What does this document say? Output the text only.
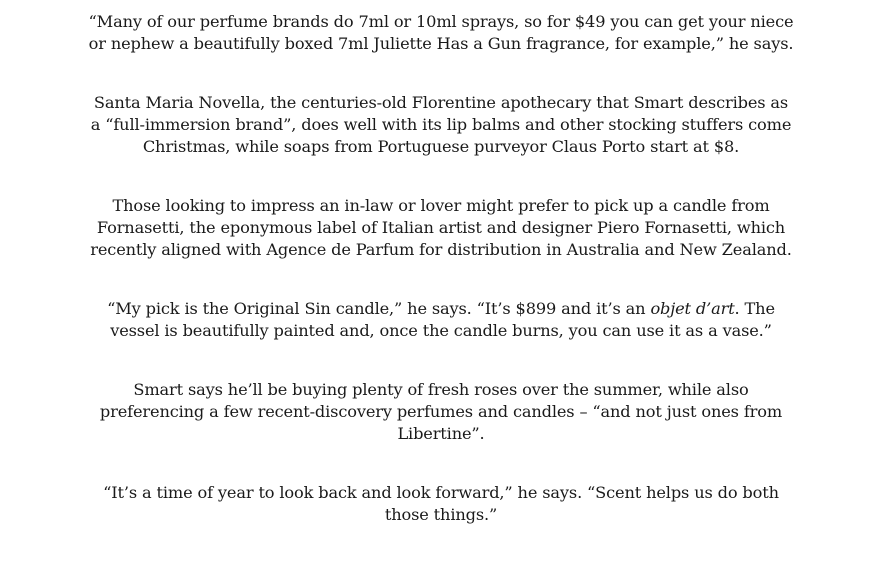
“Many of our perfume brands do 7ml or 10ml sprays, so for $49 you can get your niece or nephew a beautifully boxed 7ml Juliette Has a Gun fragrance, for example,” he says.

Santa Maria Novella, the centuries-old Florentine apothecary that Smart describes as a “full-immersion brand”, does well with its lip balms and other stocking stuffers come Christmas, while soaps from Portuguese purveyor Claus Porto start at $8.

Those looking to impress an in-law or lover might prefer to pick up a candle from Fornasetti, the eponymous label of Italian artist and designer Piero Fornasetti, which recently aligned with Agence de Parfum for distribution in Australia and New Zealand.

“My pick is the Original Sin candle,” he says. “It’s $899 and it’s an objet d’art. The vessel is beautifully painted and, once the candle burns, you can use it as a vase.”

Smart says he’ll be buying plenty of fresh roses over the summer, while also preferencing a few recent-discovery perfumes and candles – “and not just ones from Libertine”.

“It’s a time of year to look back and look forward,” he says. “Scent helps us do both those things.”
